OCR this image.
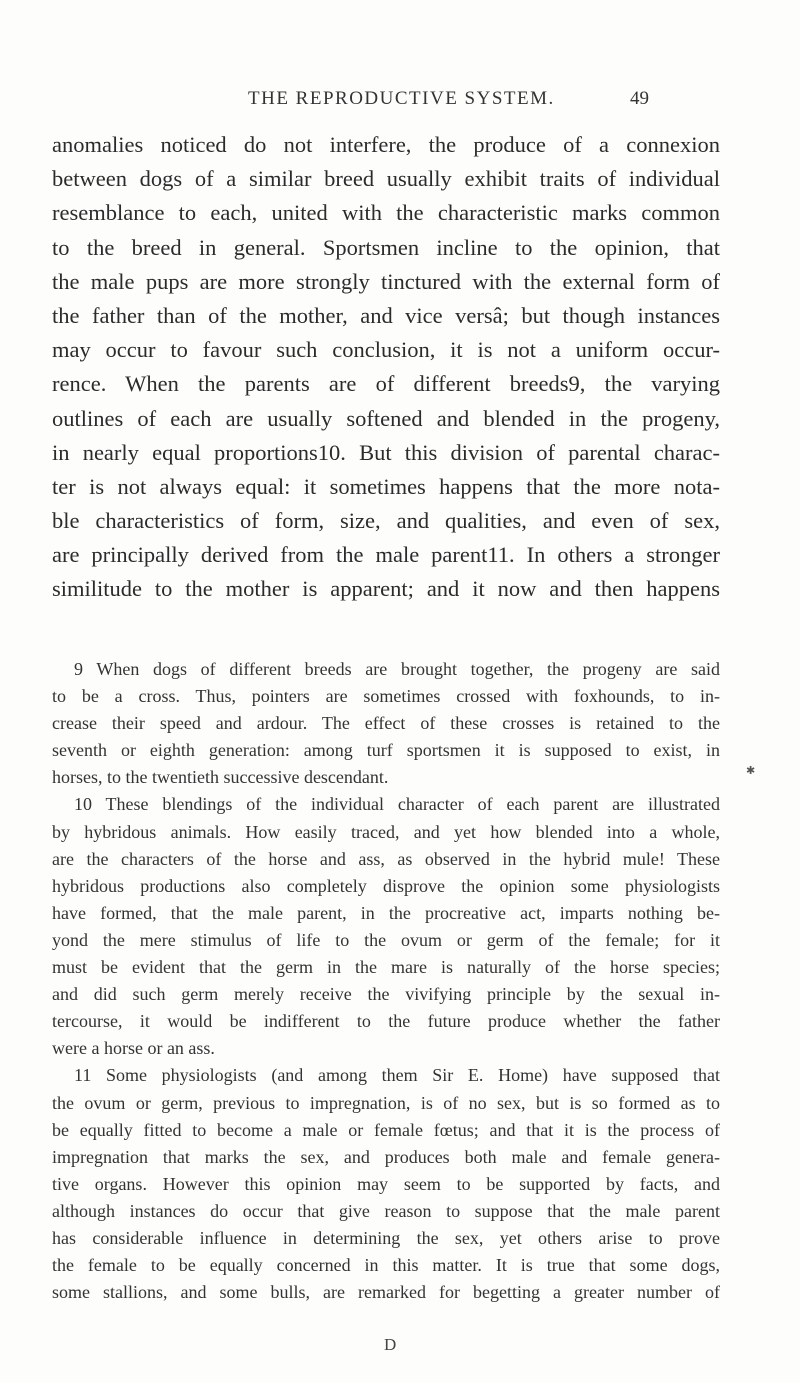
THE REPRODUCTIVE SYSTEM.	49
anomalies noticed do not interfere, the produce of a connexion
between dogs of a similar breed usually exhibit traits of individual
resemblance to each, united with the characteristic marks common
to the breed in general. Sportsmen incline to the opinion, that
the male pups are more strongly tinctured with the external form of
the father than of the mother, and vice versâ; but though instances
may occur to favour such conclusion, it is not a uniform occur-
rence. When the parents are of different breeds9, the varying
outlines of each are usually softened and blended in the progeny,
in nearly equal proportions10. But this division of parental charac-
ter is not always equal: it sometimes happens that the more nota-
ble characteristics of form, size, and qualities, and even of sex,
are principally derived from the male parent11. In others a stronger
similitude to the mother is apparent; and it now and then happens
9 When dogs of different breeds are brought together, the progeny are said
to be a cross. Thus, pointers are sometimes crossed with foxhounds, to in-
crease their speed and ardour. The effect of these crosses is retained to the
seventh or eighth generation: among turf sportsmen it is supposed to exist, in
horses, to the twentieth successive descendant.
10 These blendings of the individual character of each parent are illustrated
by hybridous animals. How easily traced, and yet how blended into a whole,
are the characters of the horse and ass, as observed in the hybrid mule! These
hybridous productions also completely disprove the opinion some physiologists
have formed, that the male parent, in the procreative act, imparts nothing be-
yond the mere stimulus of life to the ovum or germ of the female; for it
must be evident that the germ in the mare is naturally of the horse species;
and did such germ merely receive the vivifying principle by the sexual in-
tercourse, it would be indifferent to the future produce whether the father
were a horse or an ass.
11 Some physiologists (and among them Sir E. Home) have supposed that
the ovum or germ, previous to impregnation, is of no sex, but is so formed as to
be equally fitted to become a male or female fœtus; and that it is the process of
impregnation that marks the sex, and produces both male and female genera-
tive organs. However this opinion may seem to be supported by facts, and
although instances do occur that give reason to suppose that the male parent
has considerable influence in determining the sex, yet others arise to prove
the female to be equally concerned in this matter. It is true that some dogs,
some stallions, and some bulls, are remarked for begetting a greater number of
✱
D
